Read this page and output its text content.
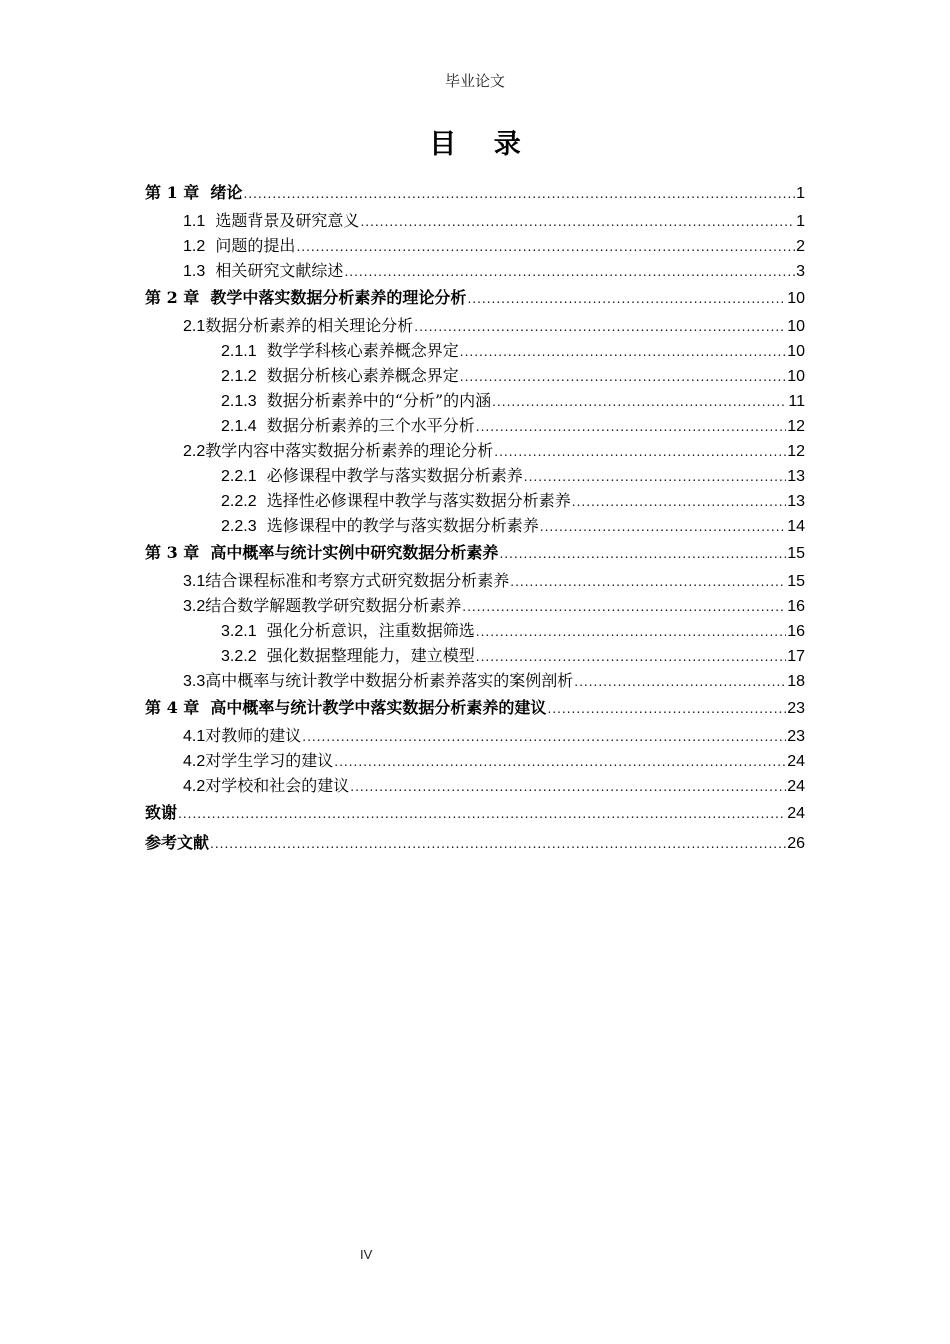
毕业论文
目 录
第 1 章 绪论 .....	1
1.1 选题背景及研究意义 .....	1
1.2 问题的提出 .....	2
1.3 相关研究文献综述 .....	3
第 2 章 教学中落实数据分析素养的理论分析 .....	10
2.1数据分析素养的相关理论分析 .....	10
2.1.1 数学学科核心素养概念界定 .....	10
2.1.2 数据分析核心素养概念界定 .....	10
2.1.3 数据分析素养中的“分析”的内涵 .....	11
2.1.4 数据分析素养的三个水平分析 .....	12
2.2教学内容中落实数据分析素养的理论分析 .....	12
2.2.1 必修课程中教学与落实数据分析素养 .....	13
2.2.2 选择性必修课程中教学与落实数据分析素养 .....	13
2.2.3 选修课程中的教学与落实数据分析素养 .....	14
第 3 章 高中概率与统计实例中研究数据分析素养 .....	15
3.1结合课程标准和考察方式研究数据分析素养 .....	15
3.2结合数学解题教学研究数据分析素养 .....	16
3.2.1 强化分析意识，注重数据筛选 .....	16
3.2.2 强化数据整理能力，建立模型 .....	17
3.3高中概率与统计教学中数据分析素养落实的案例剖析 .....	18
第 4 章 高中概率与统计教学中落实数据分析素养的建议 .....	23
4.1对教师的建议 .....	23
4.2对学生学习的建议 .....	24
4.2对学校和社会的建议 .....	24
致谢 .....	24
参考文献 .....	26
IV
